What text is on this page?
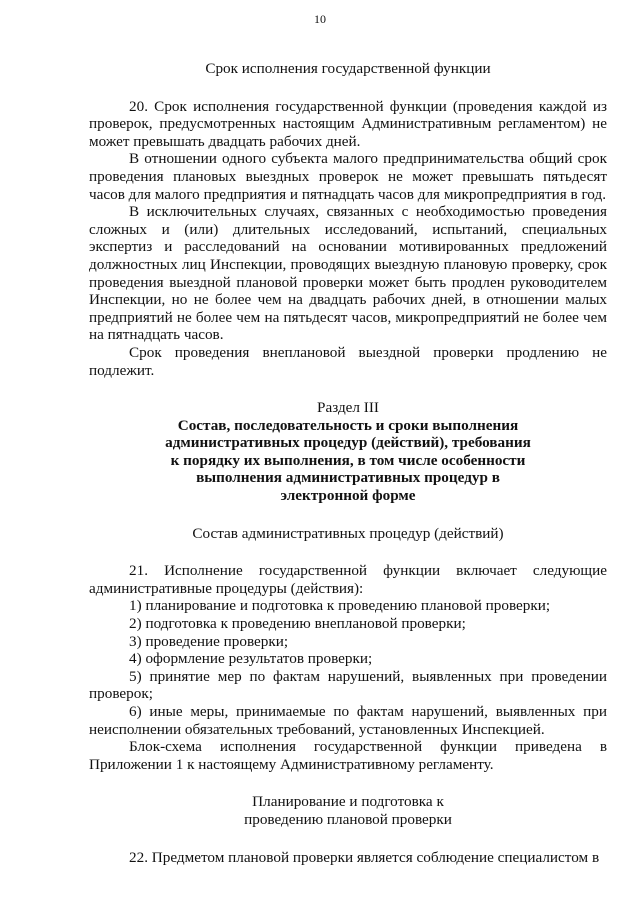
10
Срок исполнения государственной функции

20. Срок исполнения государственной функции (проведения каждой из проверок, предусмотренных настоящим Административным регламентом) не может превышать двадцать рабочих дней.

В отношении одного субъекта малого предпринимательства общий срок проведения плановых выездных проверок не может превышать пятьдесят часов для малого предприятия и пятнадцать часов для микропредприятия в год.

В исключительных случаях, связанных с необходимостью проведения сложных и (или) длительных исследований, испытаний, специальных экспертиз и расследований на основании мотивированных предложений должностных лиц Инспекции, проводящих выездную плановую проверку, срок проведения выездной плановой проверки может быть продлен руководителем Инспекции, но не более чем на двадцать рабочих дней, в отношении малых предприятий не более чем на пятьдесят часов, микропредприятий не более чем на пятнадцать часов.

Срок проведения внеплановой выездной проверки продлению не подлежит.

Раздел III
Состав, последовательность и сроки выполнения
административных процедур (действий), требования
к порядку их выполнения, в том числе особенности
выполнения административных процедур в
электронной форме
Состав административных процедур (действий)

21. Исполнение государственной функции включает следующие административные процедуры (действия):

1) планирование и подготовка к проведению плановой проверки;

2) подготовка к проведению внеплановой проверки;

3) проведение проверки;

4) оформление результатов проверки;

5) принятие мер по фактам нарушений, выявленных при проведении проверок;

6) иные меры, принимаемые по фактам нарушений, выявленных при неисполнении обязательных требований, установленных Инспекцией.

Блок-схема исполнения государственной функции приведена в Приложении 1 к настоящему Административному регламенту.

Планирование и подготовка к
проведению плановой проверки

22. Предметом плановой проверки является соблюдение специалистом в
